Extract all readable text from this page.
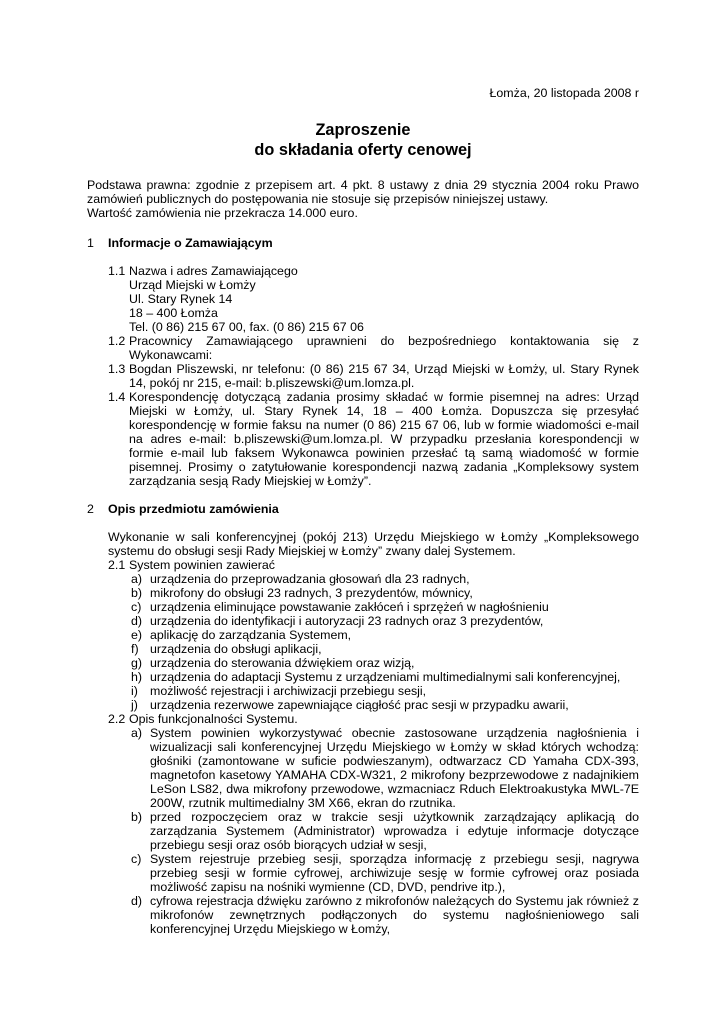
Łomża, 20 listopada 2008 r
Zaproszenie
do składania oferty cenowej

Podstawa prawna: zgodnie z przepisem art. 4 pkt. 8 ustawy z dnia 29 stycznia 2004 roku Prawo zamówień publicznych do postępowania nie stosuje się przepisów niniejszej ustawy.

Wartość zamówienia nie przekracza 14.000 euro.

1 Informacje o Zamawiającym
1.1 Nazwa i adres Zamawiającego

Urząd Miejski w Łomży

Ul. Stary Rynek 14

18 – 400 Łomża

Tel. (0 86) 215 67 00, fax. (0 86) 215 67 06

1.2 Pracownicy Zamawiającego uprawnieni do bezpośredniego kontaktowania się z Wykonawcami:

1.3 Bogdan Pliszewski, nr telefonu: (0 86) 215 67 34, Urząd Miejski w Łomży, ul. Stary Rynek 14, pokój nr 215, e-mail: b.pliszewski@um.lomza.pl.

1.4 Korespondencję dotyczącą zadania prosimy składać w formie pisemnej na adres: Urząd Miejski w Łomży, ul. Stary Rynek 14, 18 – 400 Łomża. Dopuszcza się przesyłać korespondencję w formie faksu na numer (0 86) 215 67 06, lub w formie wiadomości e-mail na adres e-mail: b.pliszewski@um.lomza.pl. W przypadku przesłania korespondencji w formie e-mail lub faksem Wykonawca powinien przesłać tą samą wiadomość w formie pisemnej. Prosimy o zatytułowanie korespondencji nazwą zadania „Kompleksowy system zarządzania sesją Rady Miejskiej w Łomży”.

2 Opis przedmiotu zamówienia
Wykonanie w sali konferencyjnej (pokój 213) Urzędu Miejskiego w Łomży „Kompleksowego systemu do obsługi sesji Rady Miejskiej w Łomży” zwany dalej Systemem.
2.1 System powinien zawierać

a) urządzenia do przeprowadzania głosowań dla 23 radnych,
b) mikrofony do obsługi 23 radnych, 3 prezydentów, mównicy,
c) urządzenia eliminujące powstawanie zakłóceń i sprzężeń w nagłośnieniu
d) urządzenia do identyfikacji i autoryzacji 23 radnych oraz 3 prezydentów,
e) aplikację do zarządzania Systemem,
f) urządzenia do obsługi aplikacji,
g) urządzenia do sterowania dźwiękiem oraz wizją,
h) urządzenia do adaptacji Systemu z urządzeniami multimedialnymi sali konferencyjnej,
i) możliwość rejestracji i archiwizacji przebiegu sesji,
j) urządzenia rezerwowe zapewniające ciągłość prac sesji w przypadku awarii,
2.2 Opis funkcjonalności Systemu.

a) System powinien wykorzystywać obecnie zastosowane urządzenia nagłośnienia i wizualizacji sali konferencyjnej Urzędu Miejskiego w Łomży w skład których wchodzą: głośniki (zamontowane w suficie podwieszanym), odtwarzacz CD Yamaha CDX-393, magnetofon kasetowy YAMAHA CDX-W321, 2 mikrofony bezprzewodowe z nadajnikiem LeSon LS82, dwa mikrofony przewodowe, wzmacniacz Rduch Elektroakustyka MWL-7E 200W, rzutnik multimedialny 3M X66, ekran do rzutnika.
b) przed rozpoczęciem oraz w trakcie sesji użytkownik zarządzający aplikacją do zarządzania Systemem (Administrator) wprowadza i edytuje informacje dotyczące przebiegu sesji oraz osób biorących udział w sesji,
c) System rejestruje przebieg sesji, sporządza informację z przebiegu sesji, nagrywa przebieg sesji w formie cyfrowej, archiwizuje sesję w formie cyfrowej oraz posiada możliwość zapisu na nośniki wymienne (CD, DVD, pendrive itp.),
d) cyfrowa rejestracja dźwięku zarówno z mikrofonów należących do Systemu jak również z mikrofonów zewnętrznych podłączonych do systemu nagłośnieniowego sali konferencyjnej Urzędu Miejskiego w Łomży,
